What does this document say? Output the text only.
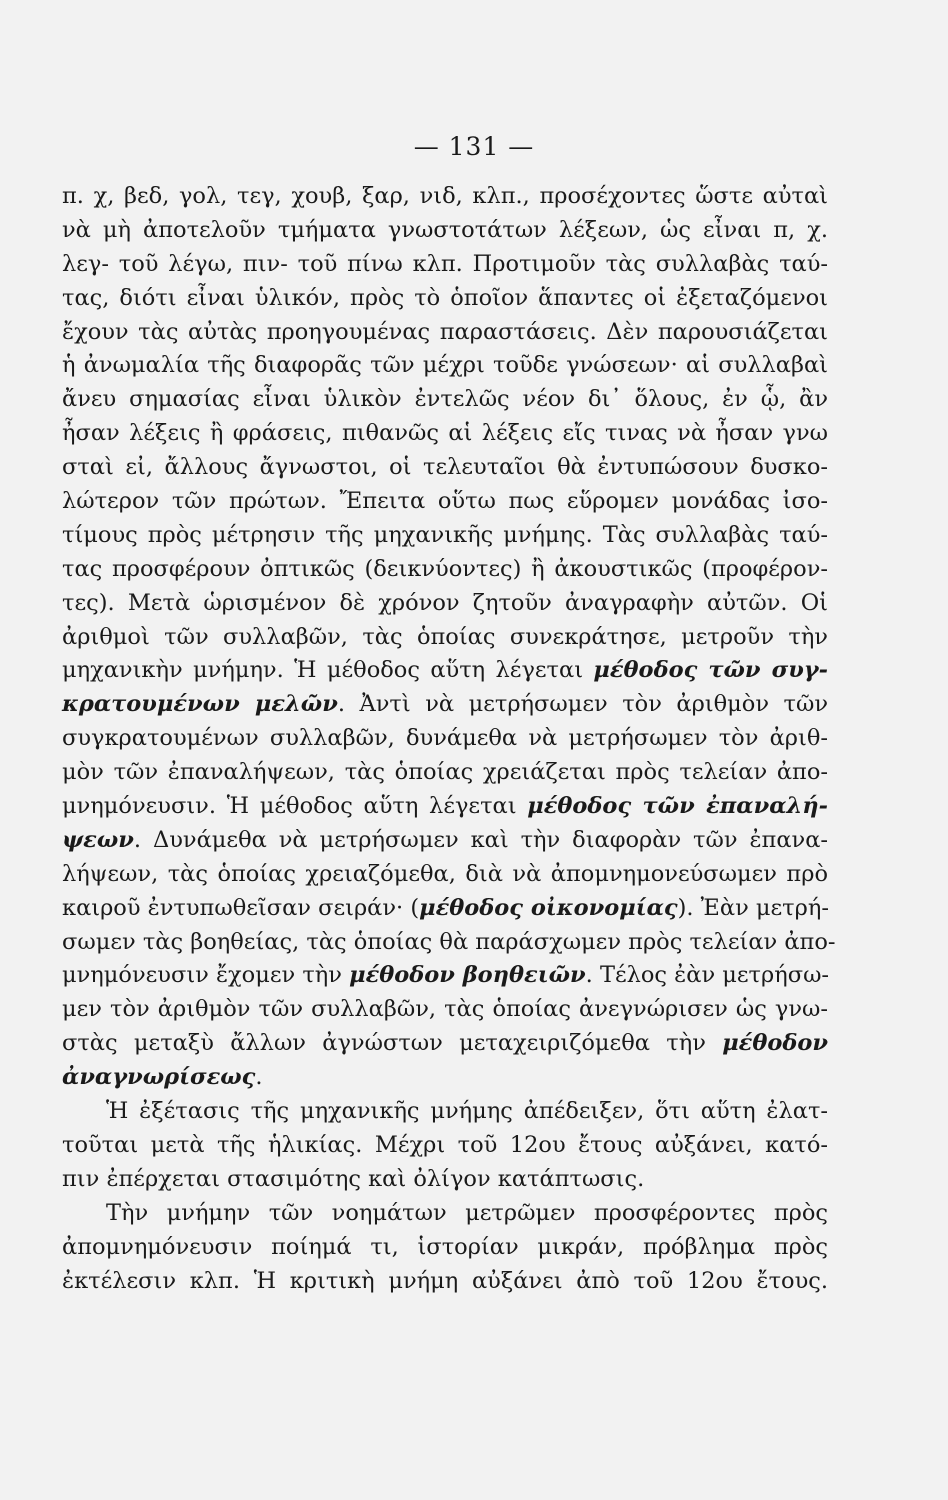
— 131 —
π. χ, βεδ, γολ, τεγ, χουβ, ξαρ, νιδ, κλπ., προσέχοντες ὥστε αὐταὶ
νὰ μὴ ἀποτελοῦν τμήματα γνωστοτάτων λέξεων, ὡς εἶναι π, χ.
λεγ- τοῦ λέγω, πιν- τοῦ πίνω κλπ. Προτιμοῦν τὰς συλλαβὰς ταύ-
τας, διότι εἶναι ὑλικόν, πρὸς τὸ ὁποῖον ἅπαντες οἱ ἐξεταζόμενοι
ἔχουν τὰς αὐτὰς προηγουμένας παραστάσεις. Δὲν παρουσιάζεται
ἡ ἀνωμαλία τῆς διαφορᾶς τῶν μέχρι τοῦδε γνώσεων· αἱ συλλαβαὶ
ἄνευ σημασίας εἶναι ὑλικὸν ἐντελῶς νέον δι᾽ ὅλους, ἐν ᾧ, ἂν
ἦσαν λέξεις ἢ φράσεις, πιθανῶς αἱ λέξεις εἴς τινας νὰ ἦσαν γνω
σταὶ εἰ, ἄλλους ἄγνωστοι, οἱ τελευταῖοι θὰ ἐντυπώσουν δυσκο-
λώτερον τῶν πρώτων. Ἔπειτα οὕτω πως εὕρομεν μονάδας ἰσο-
τίμους πρὸς μέτρησιν τῆς μηχανικῆς μνήμης. Τὰς συλλαβὰς ταύ-
τας προσφέρουν ὀπτικῶς (δεικνύοντες) ἢ ἀκουστικῶς (προφέρον-
τες). Μετὰ ὡρισμένον δὲ χρόνον ζητοῦν ἀναγραφὴν αὐτῶν. Οἱ
ἀριθμοὶ τῶν συλλαβῶν, τὰς ὁποίας συνεκράτησε, μετροῦν τὴν
μηχανικὴν μνήμην. Ἡ μέθοδος αὕτη λέγεται μέθοδος τῶν συγ-
κρατουμένων μελῶν. Ἀντὶ νὰ μετρήσωμεν τὸν ἀριθμὸν τῶν
συγκρατουμένων συλλαβῶν, δυνάμεθα νὰ μετρήσωμεν τὸν ἀριθ-
μὸν τῶν ἐπαναλήψεων, τὰς ὁποίας χρειάζεται πρὸς τελείαν ἀπο-
μνημόνευσιν. Ἡ μέθοδος αὕτη λέγεται μέθοδος τῶν ἐπαναλή-
ψεων. Δυνάμεθα νὰ μετρήσωμεν καὶ τὴν διαφορὰν τῶν ἐπανα-
λήψεων, τὰς ὁποίας χρειαζόμεθα, διὰ νὰ ἀπομνημονεύσωμεν πρὸ
καιροῦ ἐντυπωθεῖσαν σειράν· (μέθοδος οἰκονομίας). Ἐὰν μετρή-
σωμεν τὰς βοηθείας, τὰς ὁποίας θὰ παράσχωμεν πρὸς τελείαν ἀπο-
μνημόνευσιν ἔχομεν τὴν μέθοδον βοηθειῶν. Τέλος ἐὰν μετρήσω-
μεν τὸν ἀριθμὸν τῶν συλλαβῶν, τὰς ὁποίας ἀνεγνώρισεν ὡς γνω-
στὰς μεταξὺ ἄλλων ἀγνώστων μεταχειριζόμεθα τὴν μέθοδον
ἀναγνωρίσεως.
Ἡ ἐξέτασις τῆς μηχανικῆς μνήμης ἀπέδειξεν, ὅτι αὕτη ἐλατ-
τοῦται μετὰ τῆς ἡλικίας. Μέχρι τοῦ 12ου ἔτους αὐξάνει, κατό-
πιν ἐπέρχεται στασιμότης καὶ ὀλίγον κατάπτωσις.
Τὴν μνήμην τῶν νοημάτων μετρῶμεν προσφέροντες πρὸς
ἀπομνημόνευσιν ποίημά τι, ἱστορίαν μικράν, πρόβλημα πρὸς
ἐκτέλεσιν κλπ. Ἡ κριτικὴ μνήμη αὐξάνει ἀπὸ τοῦ 12ου ἔτους.
